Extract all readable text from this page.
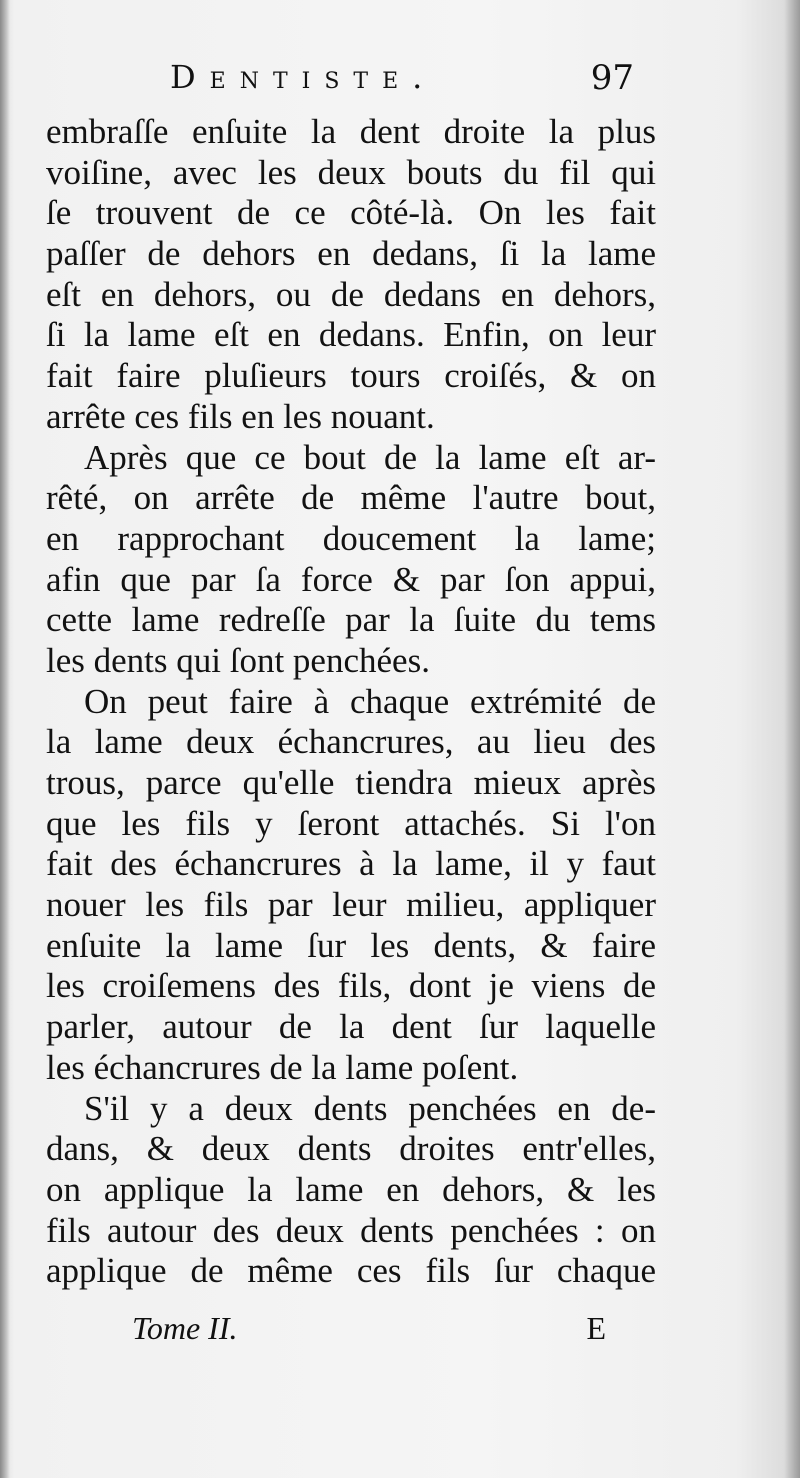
Dentiste.	97
embraſſe enſuite la dent droite la plus
voiſine, avec les deux bouts du fil qui
ſe trouvent de ce côté-là. On les fait
paſſer de dehors en dedans, ſi la lame
eſt en dehors, ou de dedans en dehors,
ſi la lame eſt en dedans. Enfin, on leur
fait faire pluſieurs tours croiſés, & on
arrête ces fils en les nouant.
Après que ce bout de la lame eſt ar-
rêté, on arrête de même l'autre bout,
en rapprochant doucement la lame;
afin que par ſa force & par ſon appui,
cette lame redreſſe par la ſuite du tems
les dents qui ſont penchées.
On peut faire à chaque extrémité de
la lame deux échancrures, au lieu des
trous, parce qu'elle tiendra mieux après
que les fils y ſeront attachés. Si l'on
fait des échancrures à la lame, il y faut
nouer les fils par leur milieu, appliquer
enſuite la lame ſur les dents, & faire
les croiſemens des fils, dont je viens de
parler, autour de la dent ſur laquelle
les échancrures de la lame poſent.
S'il y a deux dents penchées en de-
dans, & deux dents droites entr'elles,
on applique la lame en dehors, & les
fils autour des deux dents penchées : on
applique de même ces fils ſur chaque
Tome II.	E
